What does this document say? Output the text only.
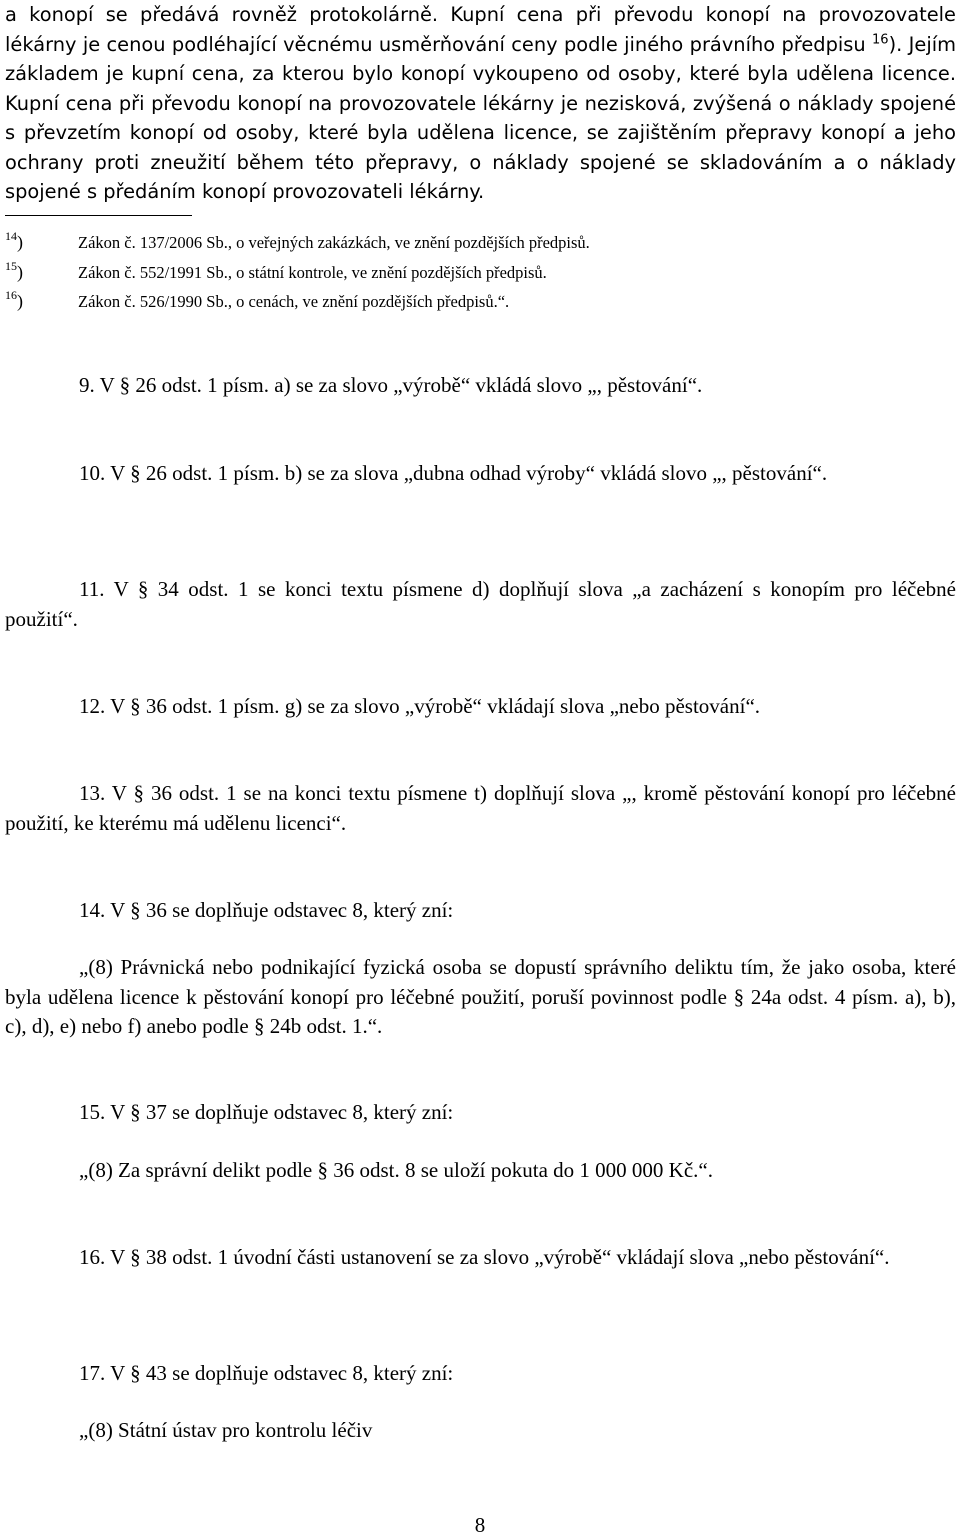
a konopí se předává rovněž protokolárně. Kupní cena při převodu konopí na provozovatele lékárny je cenou podléhající věcnému usměrňování ceny podle jiného právního předpisu $^{16}$). Jejím základem je kupní cena, za kterou bylo konopí vykoupeno od osoby, které byla udělena licence. Kupní cena při převodu konopí na provozovatele lékárny je nezisková, zvýšená o náklady spojené s převzetím konopí od osoby, které byla udělena licence, se zajištěním přepravy konopí a jeho ochrany proti zneužití během této přepravy, o náklady spojené se skladováním a o náklady spojené s předáním konopí provozovateli lékárny.

$^{14}$)	Zákon č. 137/2006 Sb., o veřejných zakázkách, ve znění pozdějších předpisů.
$^{15}$)	Zákon č. 552/1991 Sb., o státní kontrole, ve znění pozdějších předpisů.
$^{16}$)	Zákon č. 526/1990 Sb., o cenách, ve znění pozdějších předpisů.“.

9. V § 26 odst. 1 písm. a) se za slovo „výrobě“ vkládá slovo „, pěstování“.

10. V § 26 odst. 1 písm. b) se za slova „dubna odhad výroby“ vkládá slovo „, pěstování“.

11. V § 34 odst. 1 se konci textu písmene d) doplňují slova „a zacházení s konopím pro léčebné použití“.

12. V § 36 odst. 1 písm. g) se za slovo „výrobě“ vkládají slova „nebo pěstování“.

13. V § 36 odst. 1 se na konci textu písmene t) doplňují slova „, kromě pěstování konopí pro léčebné použití, ke kterému má udělenu licenci“.

14. V § 36 se doplňuje odstavec 8, který zní:

„(8) Právnická nebo podnikající fyzická osoba se dopustí správního deliktu tím, že jako osoba, které byla udělena licence k pěstování konopí pro léčebné použití, poruší povinnost podle § 24a odst. 4 písm. a), b), c), d), e) nebo f) anebo podle § 24b odst. 1.“.

15. V § 37 se doplňuje odstavec 8, který zní:

„(8) Za správní delikt podle § 36 odst. 8 se uloží pokuta do 1 000 000 Kč.“.

16. V § 38 odst. 1 úvodní části ustanovení se za slovo „výrobě“ vkládají slova „nebo pěstování“.

17. V § 43 se doplňuje odstavec 8, který zní:

„(8) Státní ústav pro kontrolu léčiv

8
